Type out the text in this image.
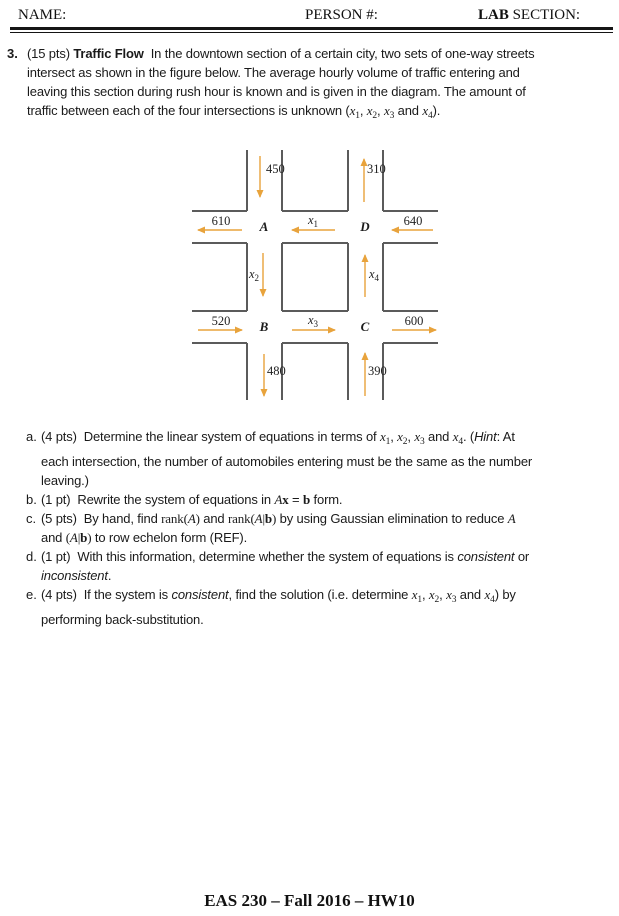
NAME:	PERSON #:	LAB SECTION:
3. (15 pts) Traffic Flow  In the downtown section of a certain city, two sets of one-way streets
intersect as shown in the figure below. The average hourly volume of traffic entering and
leaving this section during rush hour is known and is given in the diagram. The amount of
traffic between each of the four intersections is unknown ($x_1$, $x_2$, $x_3$ and $x_4$).
450	310
610	$x_1$	640
A	D
$x_2$	$x_4$
520	$x_3$	600
B	C
480	390
a. (4 pts)  Determine the linear system of equations in terms of $x_1$, $x_2$, $x_3$ and $x_4$. (Hint: At
each intersection, the number of automobiles entering must be the same as the number
leaving.)
b. (1 pt)  Rewrite the system of equations in Ax = b form.
c. (5 pts)  By hand, find rank(A) and rank(A|b) by using Gaussian elimination to reduce A
and (A|b) to row echelon form (REF).
d. (1 pt)  With this information, determine whether the system of equations is consistent or
inconsistent.
e. (4 pts)  If the system is consistent, find the solution (i.e. determine $x_1$, $x_2$, $x_3$ and $x_4$) by
performing back-substitution.
EAS 230 – Fall 2016 – HW10
